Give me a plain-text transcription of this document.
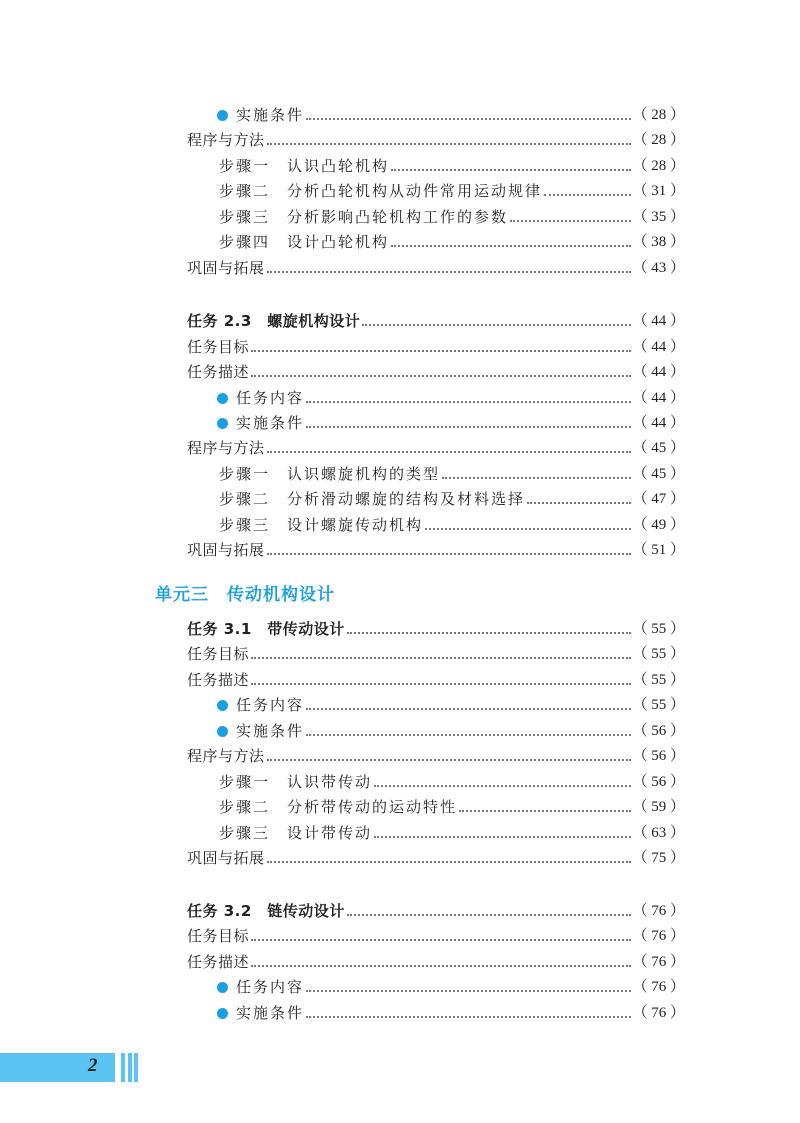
实施条件	（ 28 ）
程序与方法	（ 28 ）
步骤一　认识凸轮机构	（ 28 ）
步骤二　分析凸轮机构从动件常用运动规律	（ 31 ）
步骤三　分析影响凸轮机构工作的参数	（ 35 ）
步骤四　设计凸轮机构	（ 38 ）
巩固与拓展	（ 43 ）
任务 2.3　螺旋机构设计	（ 44 ）
任务目标	（ 44 ）
任务描述	（ 44 ）
任务内容	（ 44 ）
实施条件	（ 44 ）
程序与方法	（ 45 ）
步骤一　认识螺旋机构的类型	（ 45 ）
步骤二　分析滑动螺旋的结构及材料选择	（ 47 ）
步骤三　设计螺旋传动机构	（ 49 ）
巩固与拓展	（ 51 ）
任务 3.1　带传动设计	（ 55 ）
任务目标	（ 55 ）
任务描述	（ 55 ）
任务内容	（ 55 ）
实施条件	（ 56 ）
程序与方法	（ 56 ）
步骤一　认识带传动	（ 56 ）
步骤二　分析带传动的运动特性	（ 59 ）
步骤三　设计带传动	（ 63 ）
巩固与拓展	（ 75 ）
任务 3.2　链传动设计	（ 76 ）
任务目标	（ 76 ）
任务描述	（ 76 ）
任务内容	（ 76 ）
实施条件	（ 76 ）
单元三　传动机构设计
2
